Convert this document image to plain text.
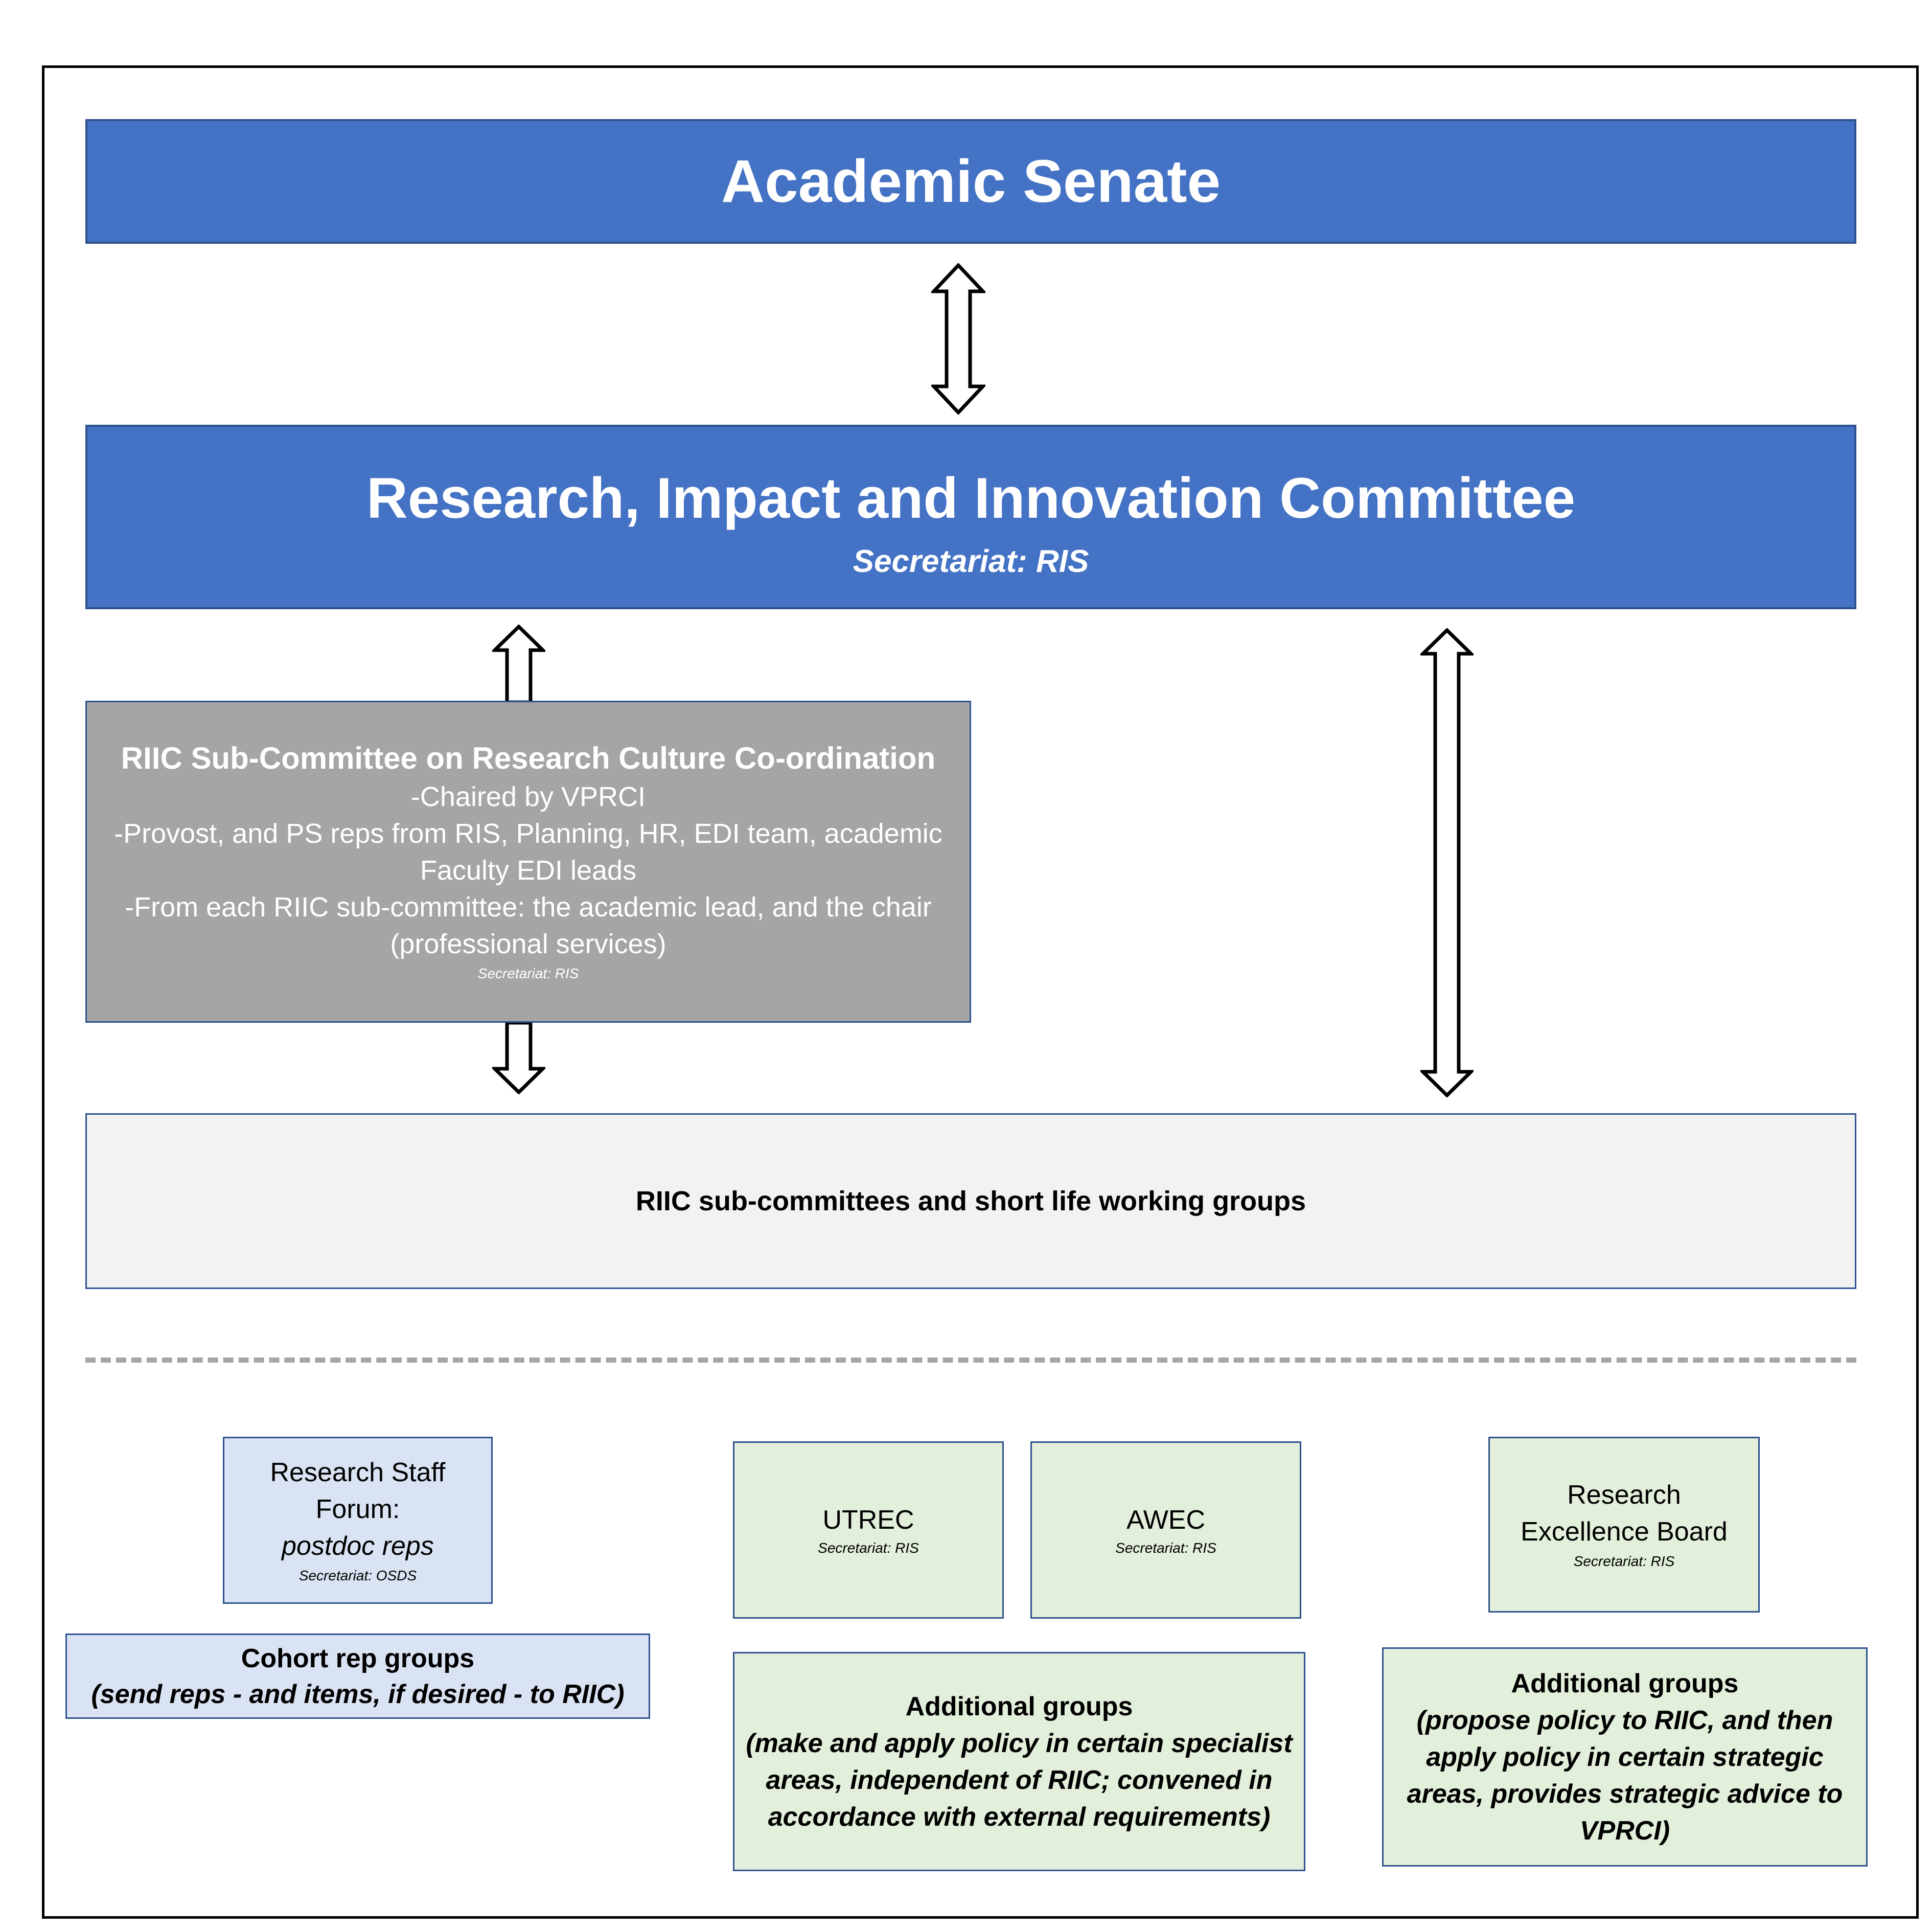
Academic Senate
Research, Impact and Innovation Committee
Secretariat: RIS
RIIC Sub-Committee on Research Culture Co-ordination
-Chaired by VPRCI
-Provost, and PS reps from RIS, Planning, HR, EDI team, academic Faculty EDI leads
-From each RIIC sub-committee: the academic lead, and the chair (professional services)
Secretariat: RIS
RIIC sub-committees and short life working groups
Research Staff
Forum:
postdoc reps
Secretariat: OSDS
Cohort rep groups
(send reps - and items, if desired - to RIIC)
UTREC
Secretariat: RIS
AWEC
Secretariat: RIS
Additional groups
(make and apply policy in certain specialist areas, independent of RIIC; convened in accordance with external requirements)
Research Excellence Board
Secretariat: RIS
Additional groups
(propose policy to RIIC, and then apply policy in certain strategic areas, provides strategic advice to VPRCI)
